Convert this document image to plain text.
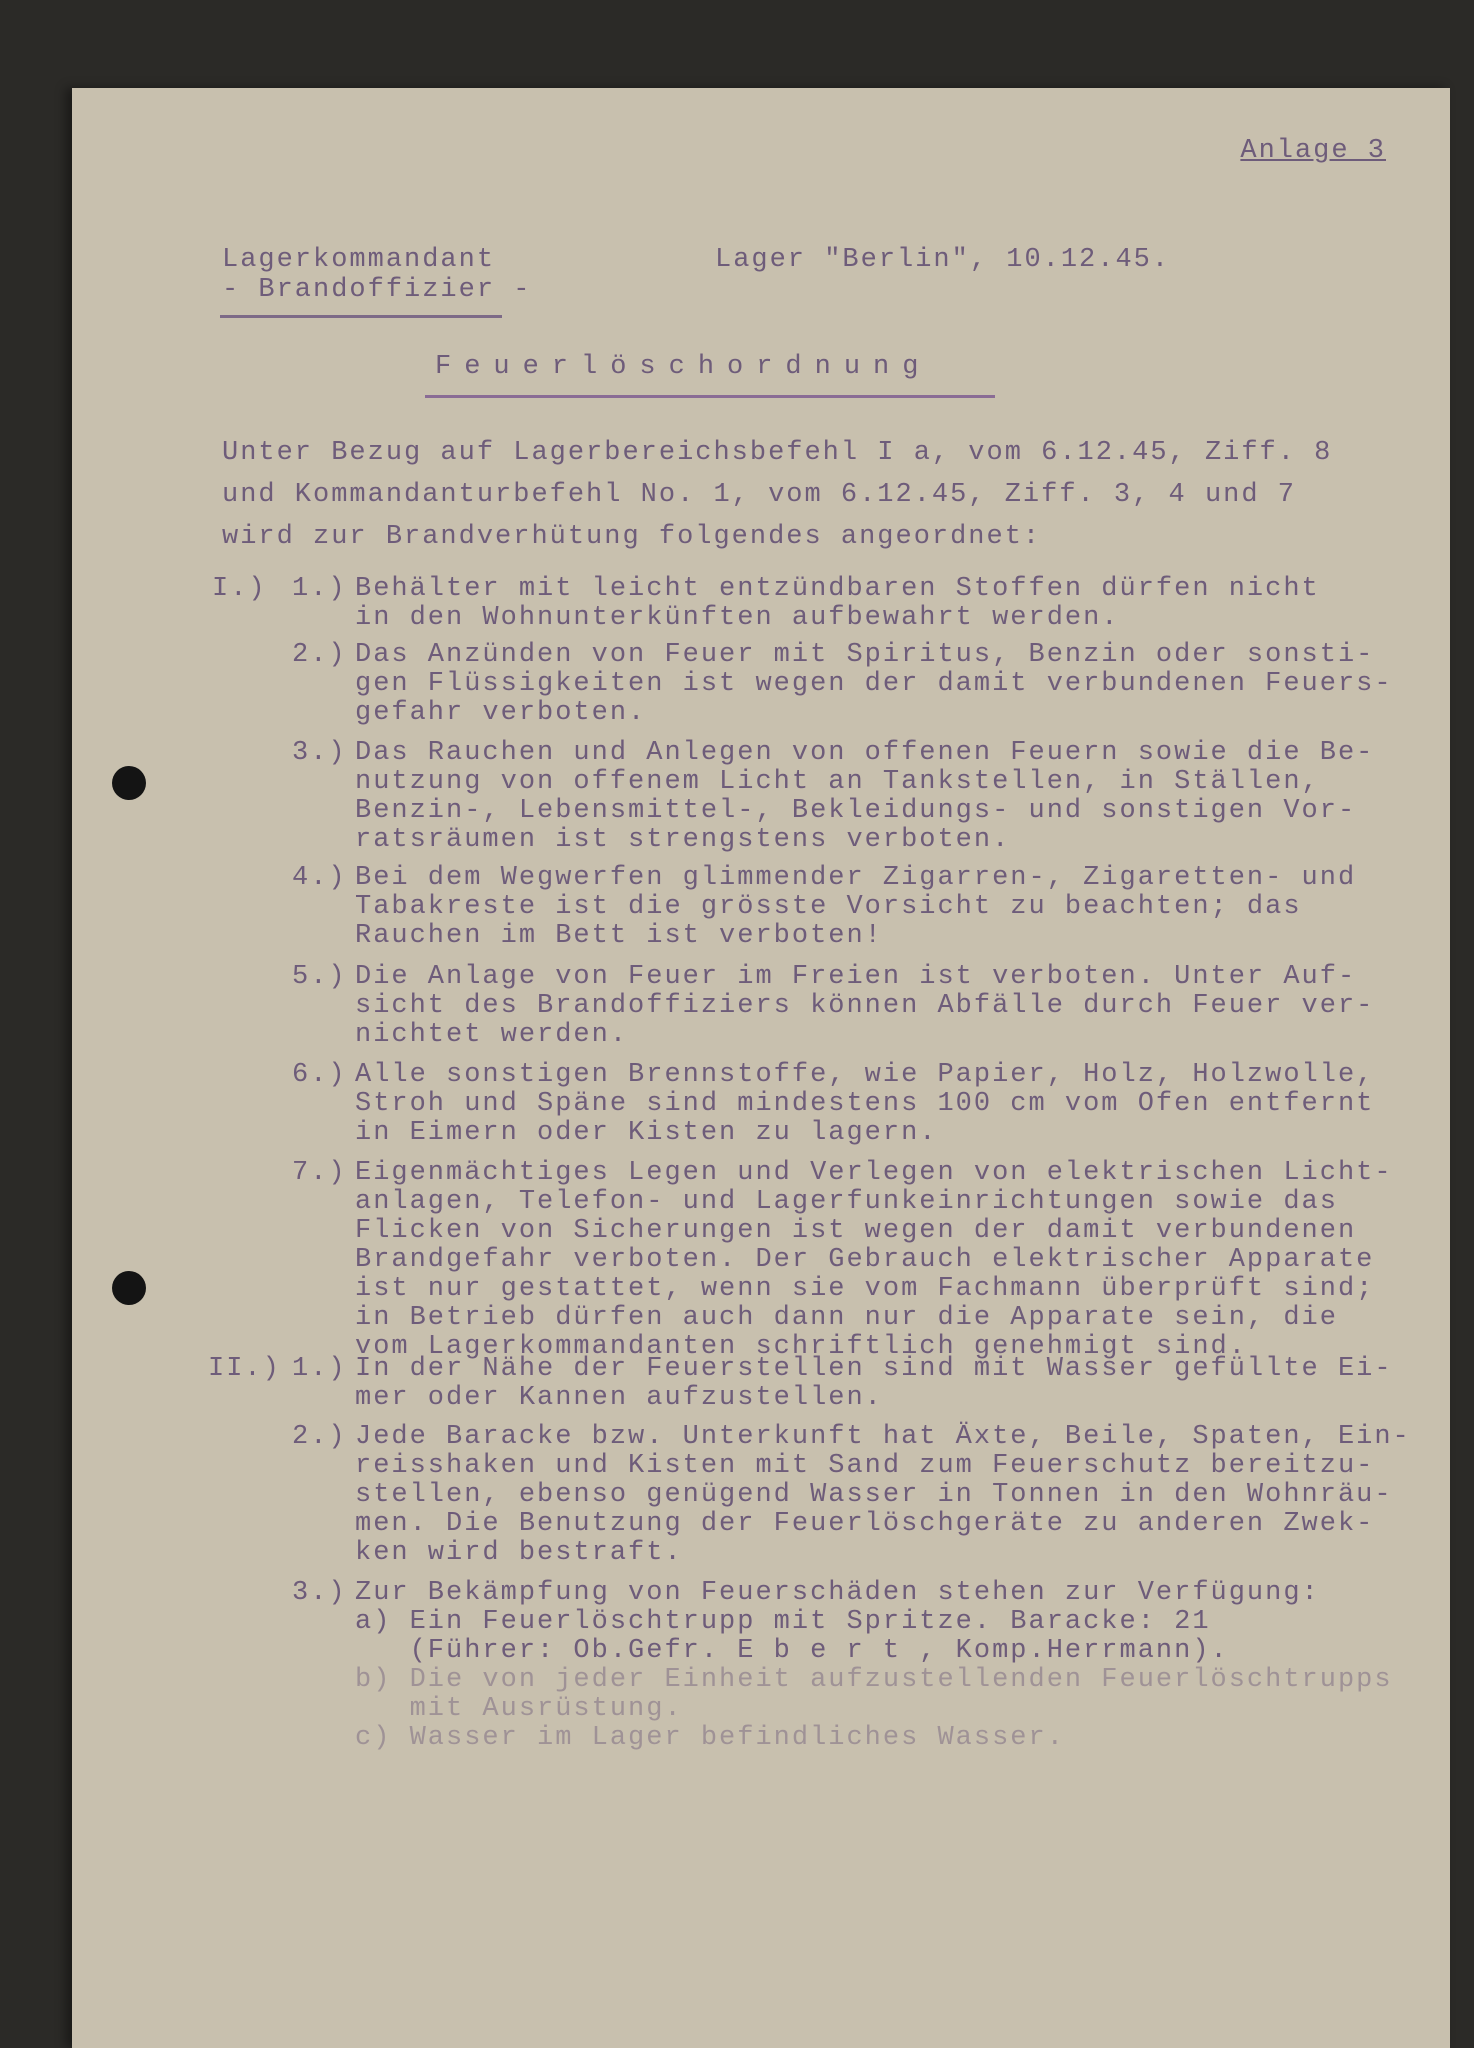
Anlage 3
Lagerkommandant
- Brandoffizier -
Lager "Berlin", 10.12.45.
Feuerlöschordnung
Unter Bezug auf Lagerbereichsbefehl I a, vom 6.12.45, Ziff. 8
und Kommandanturbefehl No. 1, vom 6.12.45, Ziff. 3, 4 und 7
wird zur Brandverhütung folgendes angeordnet:
I.) 1.) Behälter mit leicht entzündbaren Stoffen dürfen nicht
in den Wohnunterkünften aufbewahrt werden.
2.) Das Anzünden von Feuer mit Spiritus, Benzin oder sonsti-
gen Flüssigkeiten ist wegen der damit verbundenen Feuers-
gefahr verboten.
3.) Das Rauchen und Anlegen von offenen Feuern sowie die Be-
nutzung von offenem Licht an Tankstellen, in Ställen,
Benzin-, Lebensmittel-, Bekleidungs- und sonstigen Vor-
ratsräumen ist strengstens verboten.
4.) Bei dem Wegwerfen glimmender Zigarren-, Zigaretten- und
Tabakreste ist die grösste Vorsicht zu beachten; das
Rauchen im Bett ist verboten!
5.) Die Anlage von Feuer im Freien ist verboten. Unter Auf-
sicht des Brandoffiziers können Abfälle durch Feuer ver-
nichtet werden.
6.) Alle sonstigen Brennstoffe, wie Papier, Holz, Holzwolle,
Stroh und Späne sind mindestens 100 cm vom Ofen entfernt
in Eimern oder Kisten zu lagern.
7.) Eigenmächtiges Legen und Verlegen von elektrischen Licht-
anlagen, Telefon- und Lagerfunkeinrichtungen sowie das
Flicken von Sicherungen ist wegen der damit verbundenen
Brandgefahr verboten. Der Gebrauch elektrischer Apparate
ist nur gestattet, wenn sie vom Fachmann überprüft sind;
in Betrieb dürfen auch dann nur die Apparate sein, die
vom Lagerkommandanten schriftlich genehmigt sind.
II.) 1.) In der Nähe der Feuerstellen sind mit Wasser gefüllte Ei-
mer oder Kannen aufzustellen.
2.) Jede Baracke bzw. Unterkunft hat Äxte, Beile, Spaten, Ein-
reisshaken und Kisten mit Sand zum Feuerschutz bereitzu-
stellen, ebenso genügend Wasser in Tonnen in den Wohnräu-
men. Die Benutzung der Feuerlöschgeräte zu anderen Zwek-
ken wird bestraft.
3.) Zur Bekämpfung von Feuerschäden stehen zur Verfügung:
a) Ein Feuerlöschtrupp mit Spritze. Baracke: 21
(Führer: Ob.Gefr. E b e r t , Komp.Herrmann).
b) Die von jeder Einheit aufzustellenden Feuerlöschtrupps
mit Ausrüstung.
c) Wasser im Lager befindliches Wasser.
